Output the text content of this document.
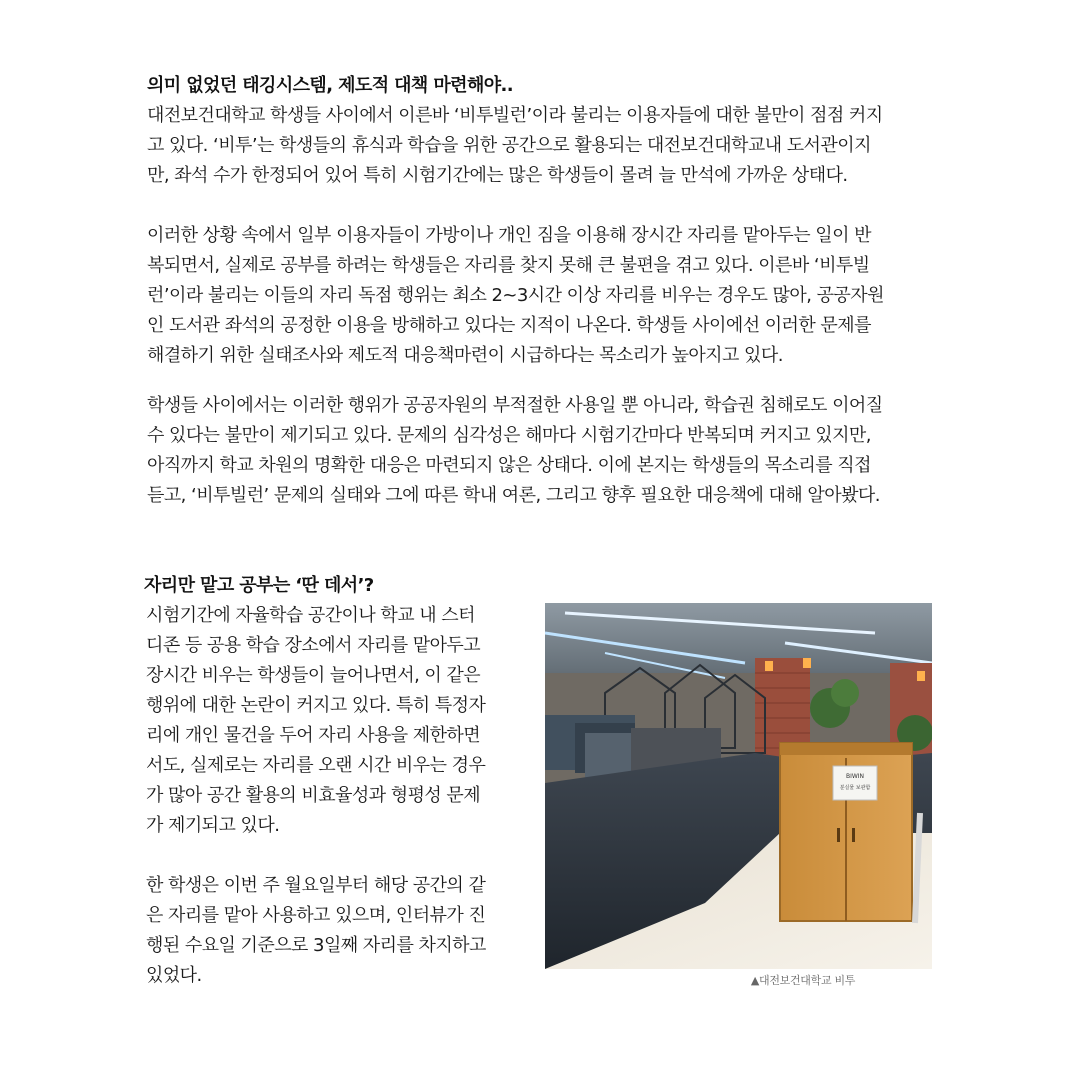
의미 없었던 태깅시스템, 제도적 대책 마련해야..
대전보건대학교 학생들 사이에서 이른바 ‘비투빌런’이라 불리는 이용자들에 대한 불만이 점점 커지
고 있다. ‘비투’는 학생들의 휴식과 학습을 위한 공간으로 활용되는 대전보건대학교내 도서관이지
만, 좌석 수가 한정되어 있어 특히 시험기간에는 많은 학생들이 몰려 늘 만석에 가까운 상태다.
이러한 상황 속에서 일부 이용자들이 가방이나 개인 짐을 이용해 장시간 자리를 맡아두는 일이 반
복되면서, 실제로 공부를 하려는 학생들은 자리를 찾지 못해 큰 불편을 겪고 있다. 이른바 ‘비투빌
런’이라 불리는 이들의 자리 독점 행위는 최소 2~3시간 이상 자리를 비우는 경우도 많아, 공공자원
인 도서관 좌석의 공정한 이용을 방해하고 있다는 지적이 나온다. 학생들 사이에선 이러한 문제를
해결하기 위한 실태조사와 제도적 대응책마련이 시급하다는 목소리가 높아지고 있다.
학생들 사이에서는 이러한 행위가 공공자원의 부적절한 사용일 뿐 아니라, 학습권 침해로도 이어질
수 있다는 불만이 제기되고 있다. 문제의 심각성은 해마다 시험기간마다 반복되며 커지고 있지만,
아직까지 학교 차원의 명확한 대응은 마련되지 않은 상태다. 이에 본지는 학생들의 목소리를 직접
듣고, ‘비투빌런’ 문제의 실태와 그에 따른 학내 여론, 그리고 향후 필요한 대응책에 대해 알아봤다.
자리만 맡고 공부는 ‘딴 데서’?
시험기간에 자율학습 공간이나 학교 내 스터
디존 등 공용 학습 장소에서 자리를 맡아두고
장시간 비우는 학생들이 늘어나면서, 이 같은
행위에 대한 논란이 커지고 있다. 특히 특정자
리에 개인 물건을 두어 자리 사용을 제한하면
서도, 실제로는 자리를 오랜 시간 비우는 경우
가 많아 공간 활용의 비효율성과 형평성 문제
가 제기되고 있다.
한 학생은 이번 주 월요일부터 해당 공간의 같
은 자리를 맡아 사용하고 있으며, 인터뷰가 진
행된 수요일 기준으로 3일째 자리를 차지하고
있었다.
BIWIN
분실물 보관함
▲대전보건대학교 비투
